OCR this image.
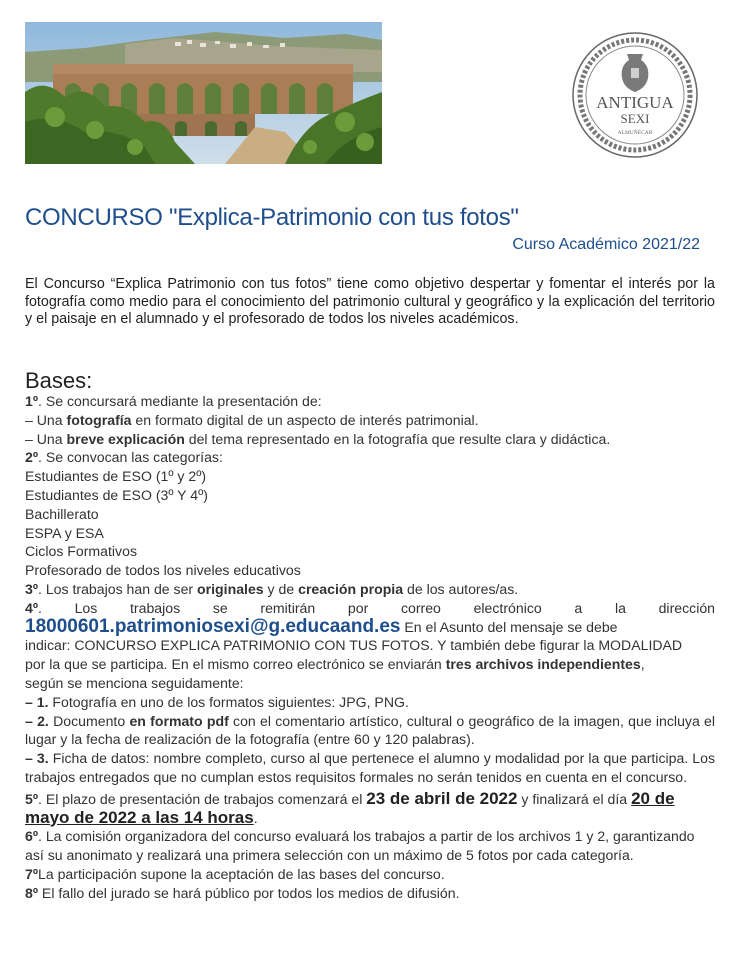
ANTIGUA
SEXI
ALMUÑÉCAR
CONCURSO "Explica-Patrimonio con tus fotos"
Curso Académico 2021/22
El Concurso “Explica Patrimonio con tus fotos” tiene como objetivo despertar y fomentar el interés por la fotografía como medio para el conocimiento del patrimonio cultural y geográfico y la explicación del territorio y el paisaje en el alumnado y el profesorado de todos los niveles académicos.
Bases:

1º. Se concursará mediante la presentación de:

– Una fotografía en formato digital de un aspecto de interés patrimonial.

– Una breve explicación del tema representado en la fotografía que resulte clara y didáctica.

2º. Se convocan las categorías:

Estudiantes de ESO (1º y 2º)

Estudiantes de ESO (3º Y 4º)

Bachillerato

ESPA y ESA

Ciclos Formativos

Profesorado de todos los niveles educativos

3º. Los trabajos han de ser originales y de creación propia de los autores/as.

4º. Los trabajos se remitirán por correo electrónico a la dirección

18000601.patrimoniosexi@g.educaand.es En el Asunto del mensaje se debe

indicar: CONCURSO EXPLICA PATRIMONIO CON TUS FOTOS. Y también debe figurar la MODALIDAD

por la que se participa. En el mismo correo electrónico se enviarán tres archivos independientes,

según se menciona seguidamente:

– 1. Fotografía en uno de los formatos siguientes: JPG, PNG.

– 2. Documento en formato pdf con el comentario artístico, cultural o geográfico de la imagen, que incluya el lugar y la fecha de realización de la fotografía (entre 60 y 120 palabras).

– 3. Ficha de datos: nombre completo, curso al que pertenece el alumno y modalidad por la que participa. Los trabajos entregados que no cumplan estos requisitos formales no serán tenidos en cuenta en el concurso.

5º. El plazo de presentación de trabajos comenzará el 23 de abril de 2022 y finalizará el día 20 de mayo de 2022 a las 14 horas.

6º. La comisión organizadora del concurso evaluará los trabajos a partir de los archivos 1 y 2, garantizando así su anonimato y realizará una primera selección con un máximo de 5 fotos por cada categoría.

7ºLa participación supone la aceptación de las bases del concurso.

8º El fallo del jurado se hará público por todos los medios de difusión.
